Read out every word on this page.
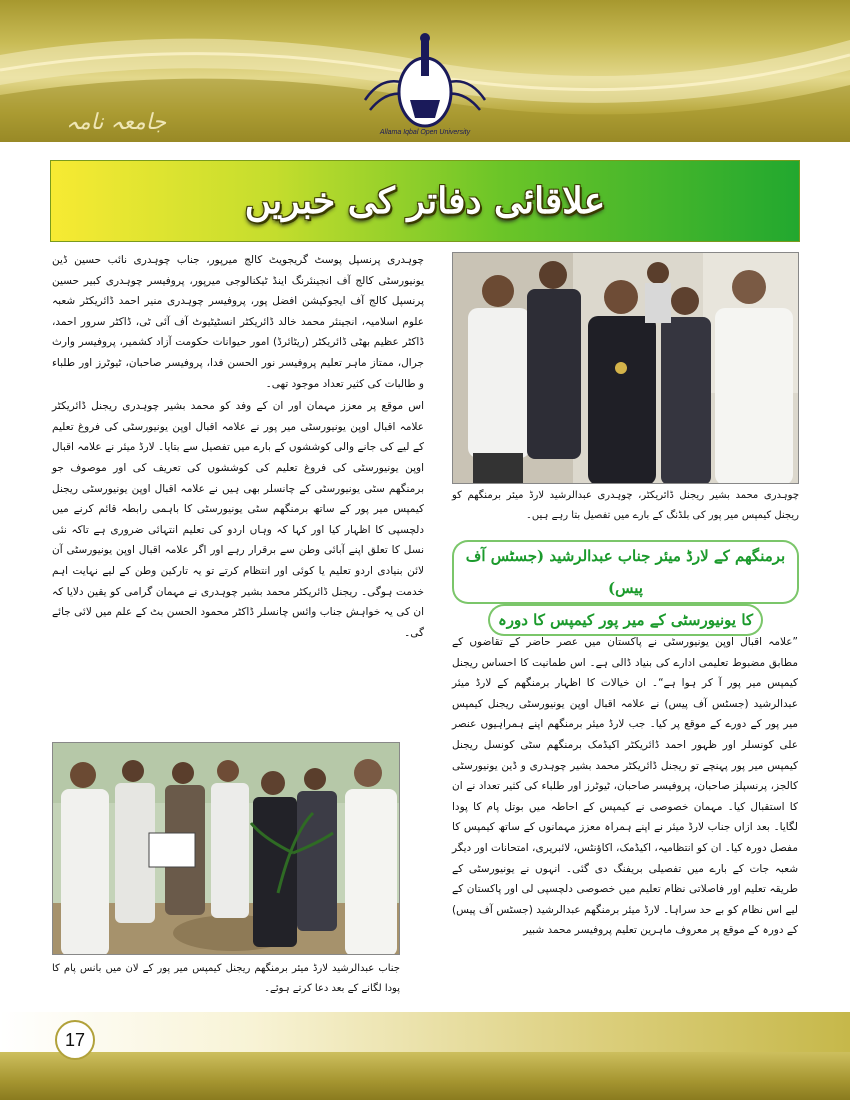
Allama Iqbal Open University
جامعہ نامہ
علاقائی دفاتر کی خبریں

چوہدری پرنسپل پوسٹ گریجویٹ کالج میرپور، جناب چوہدری نائب حسین ڈین یونیورسٹی کالج آف انجینئرنگ اینڈ ٹیکنالوجی میرپور، پروفیسر چوہدری کبیر حسین پرنسپل کالج آف ایجوکیشن افضل پور، پروفیسر چوہدری منیر احمد ڈائریکٹر شعبہ علوم اسلامیہ، انجینئر محمد خالد ڈائریکٹر انسٹیٹیوٹ آف آئی ٹی، ڈاکٹر سرور احمد، ڈاکٹر عظیم بھٹی ڈائریکٹر (ریٹائرڈ) امور حیوانات حکومت آزاد کشمیر، پروفیسر وارث جرال، ممتاز ماہر تعلیم پروفیسر نور الحسن فدا، پروفیسر صاحبان، ٹیوٹرز اور طلباء و طالبات کی کثیر تعداد موجود تھی۔

اس موقع پر معزز مہمان اور ان کے وفد کو محمد بشیر چوہدری ریجنل ڈائریکٹر علامہ اقبال اوپن یونیورسٹی میر پور نے علامہ اقبال اوپن یونیورسٹی کی فروغ تعلیم کے لیے کی جانے والی کوششوں کے بارے میں تفصیل سے بتایا۔ لارڈ میئر نے علامہ اقبال اوپن یونیورسٹی کی فروغ تعلیم کی کوششوں کی تعریف کی اور موصوف جو برمنگھم سٹی یونیورسٹی کے چانسلر بھی ہیں نے علامہ اقبال اوپن یونیورسٹی ریجنل کیمپس میر پور کے ساتھ برمنگھم سٹی یونیورسٹی کا باہمی رابطہ قائم کرنے میں دلچسپی کا اظہار کیا اور کہا کہ وہاں اردو کی تعلیم انتہائی ضروری ہے تاکہ نئی نسل کا تعلق اپنے آبائی وطن سے برقرار رہے اور اگر علامہ اقبال اوپن یونیورسٹی آن لائن بنیادی اردو تعلیم یا کوئی اور انتظام کرتے تو یہ تارکین وطن کے لیے نہایت اہم خدمت ہوگی۔ ریجنل ڈائریکٹر محمد بشیر چوہدری نے مہمان گرامی کو یقین دلایا کہ ان کی یہ خواہش جناب وائس چانسلر ڈاکٹر محمود الحسن بٹ کے علم میں لائی جائے گی۔

چوہدری محمد بشیر ریجنل ڈائریکٹر، چوہدری عبدالرشید لارڈ میئر برمنگھم کو ریجنل کیمپس میر پور کی بلڈنگ کے بارے میں تفصیل بتا رہے ہیں۔
برمنگھم کے لارڈ میئر جناب عبدالرشید (جسٹس آف پیس)
کا یونیورسٹی کے میر پور کیمپس کا دورہ

”علامہ اقبال اوپن یونیورسٹی نے پاکستان میں عصر حاضر کے تقاضوں کے مطابق مضبوط تعلیمی ادارے کی بنیاد ڈالی ہے۔ اس طمانیت کا احساس ریجنل کیمپس میر پور آ کر ہوا ہے“۔ ان خیالات کا اظہار برمنگھم کے لارڈ میئر عبدالرشید (جسٹس آف پیس) نے علامہ اقبال اوپن یونیورسٹی ریجنل کیمپس میر پور کے دورے کے موقع پر کیا۔ جب لارڈ میئر برمنگھم اپنے ہمراہیوں عنصر علی کونسلر اور ظہور احمد ڈائریکٹر اکیڈمک برمنگھم سٹی کونسل ریجنل کیمپس میر پور پہنچے تو ریجنل ڈائریکٹر محمد بشیر چوہدری و ڈین یونیورسٹی کالجز، پرنسپلز صاحبان، پروفیسر صاحبان، ٹیوٹرز اور طلباء کی کثیر تعداد نے ان کا استقبال کیا۔ مہمان خصوصی نے کیمپس کے احاطہ میں بوتل پام کا پودا لگایا۔ بعد ازاں جناب لارڈ میئر نے اپنے ہمراہ معزز مہمانوں کے ساتھ کیمپس کا مفصل دورہ کیا۔ ان کو انتظامیہ، اکیڈمک، اکاؤنٹس، لائبریری، امتحانات اور دیگر شعبہ جات کے بارے میں تفصیلی بریفنگ دی گئی۔ انہوں نے یونیورسٹی کے طریقہ تعلیم اور فاصلاتی نظام تعلیم میں خصوصی دلچسپی لی اور پاکستان کے لیے اس نظام کو بے حد سراہا۔ لارڈ میئر برمنگھم عبدالرشید (جسٹس آف پیس) کے دورہ کے موقع پر معروف ماہرین تعلیم پروفیسر محمد شبیر

جناب عبدالرشید لارڈ میئر برمنگھم ریجنل کیمپس میر پور کے لان میں بانس پام کا پودا لگانے کے بعد دعا کرتے ہوئے۔
17
